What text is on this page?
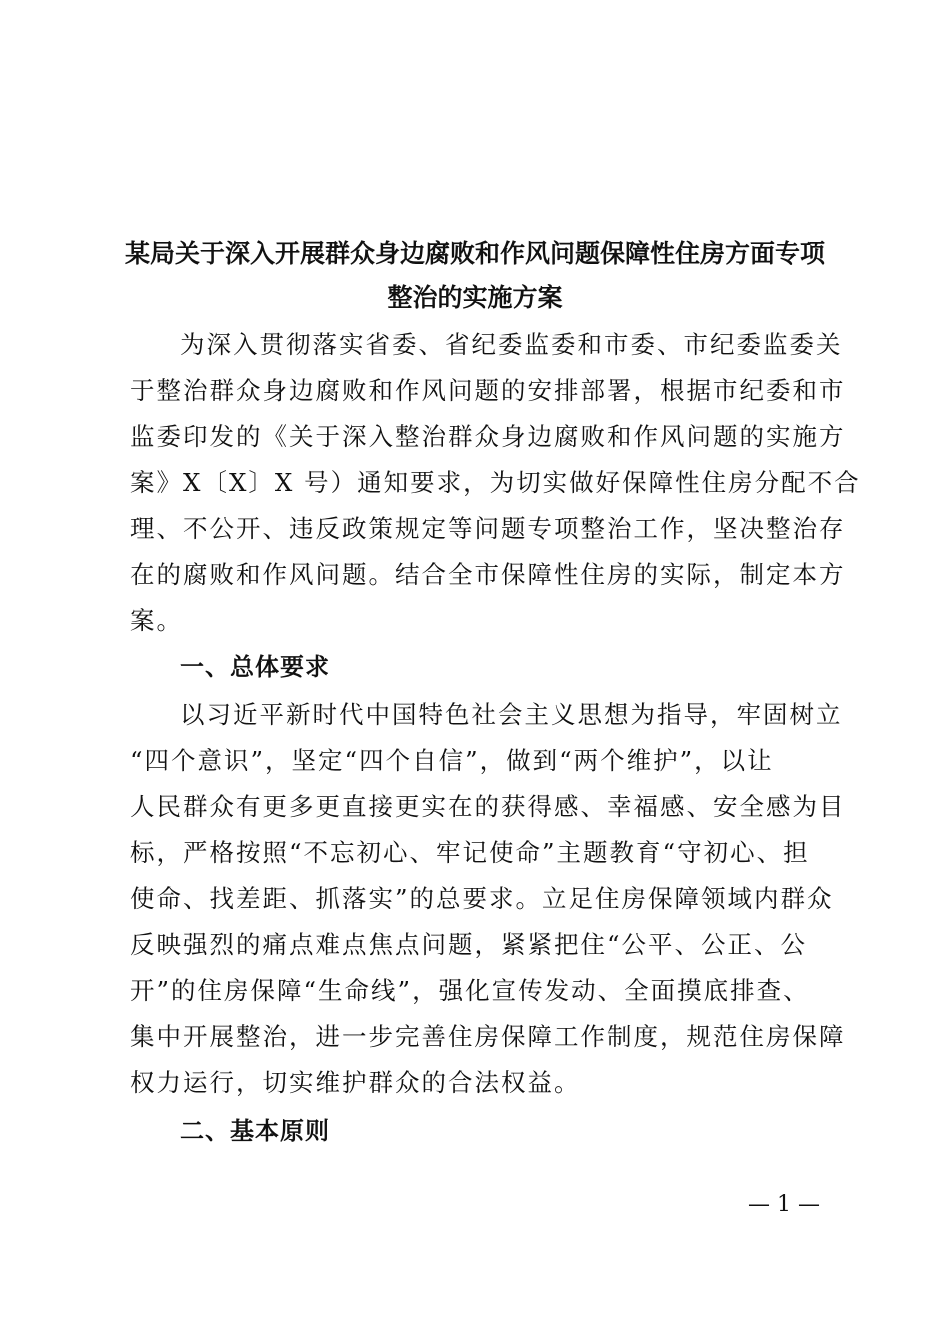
某局关于深入开展群众身边腐败和作风问题保障性住房方面专项
整治的实施方案
为深入贯彻落实省委、省纪委监委和市委、市纪委监委关
于整治群众身边腐败和作风问题的安排部署，根据市纪委和市
监委印发的《关于深入整治群众身边腐败和作风问题的实施方
案》X〔X〕X 号）通知要求，为切实做好保障性住房分配不合
理、不公开、违反政策规定等问题专项整治工作，坚决整治存
在的腐败和作风问题。结合全市保障性住房的实际，制定本方
案。
一、总体要求
以习近平新时代中国特色社会主义思想为指导，牢固树立
“四个意识”，坚定“四个自信”，做到“两个维护”，以让
人民群众有更多更直接更实在的获得感、幸福感、安全感为目
标，严格按照“不忘初心、牢记使命”主题教育“守初心、担
使命、找差距、抓落实”的总要求。立足住房保障领域内群众
反映强烈的痛点难点焦点问题，紧紧把住“公平、公正、公
开”的住房保障“生命线”，强化宣传发动、全面摸底排查、
集中开展整治，进一步完善住房保障工作制度，规范住房保障
权力运行，切实维护群众的合法权益。
二、基本原则
— 1 —
